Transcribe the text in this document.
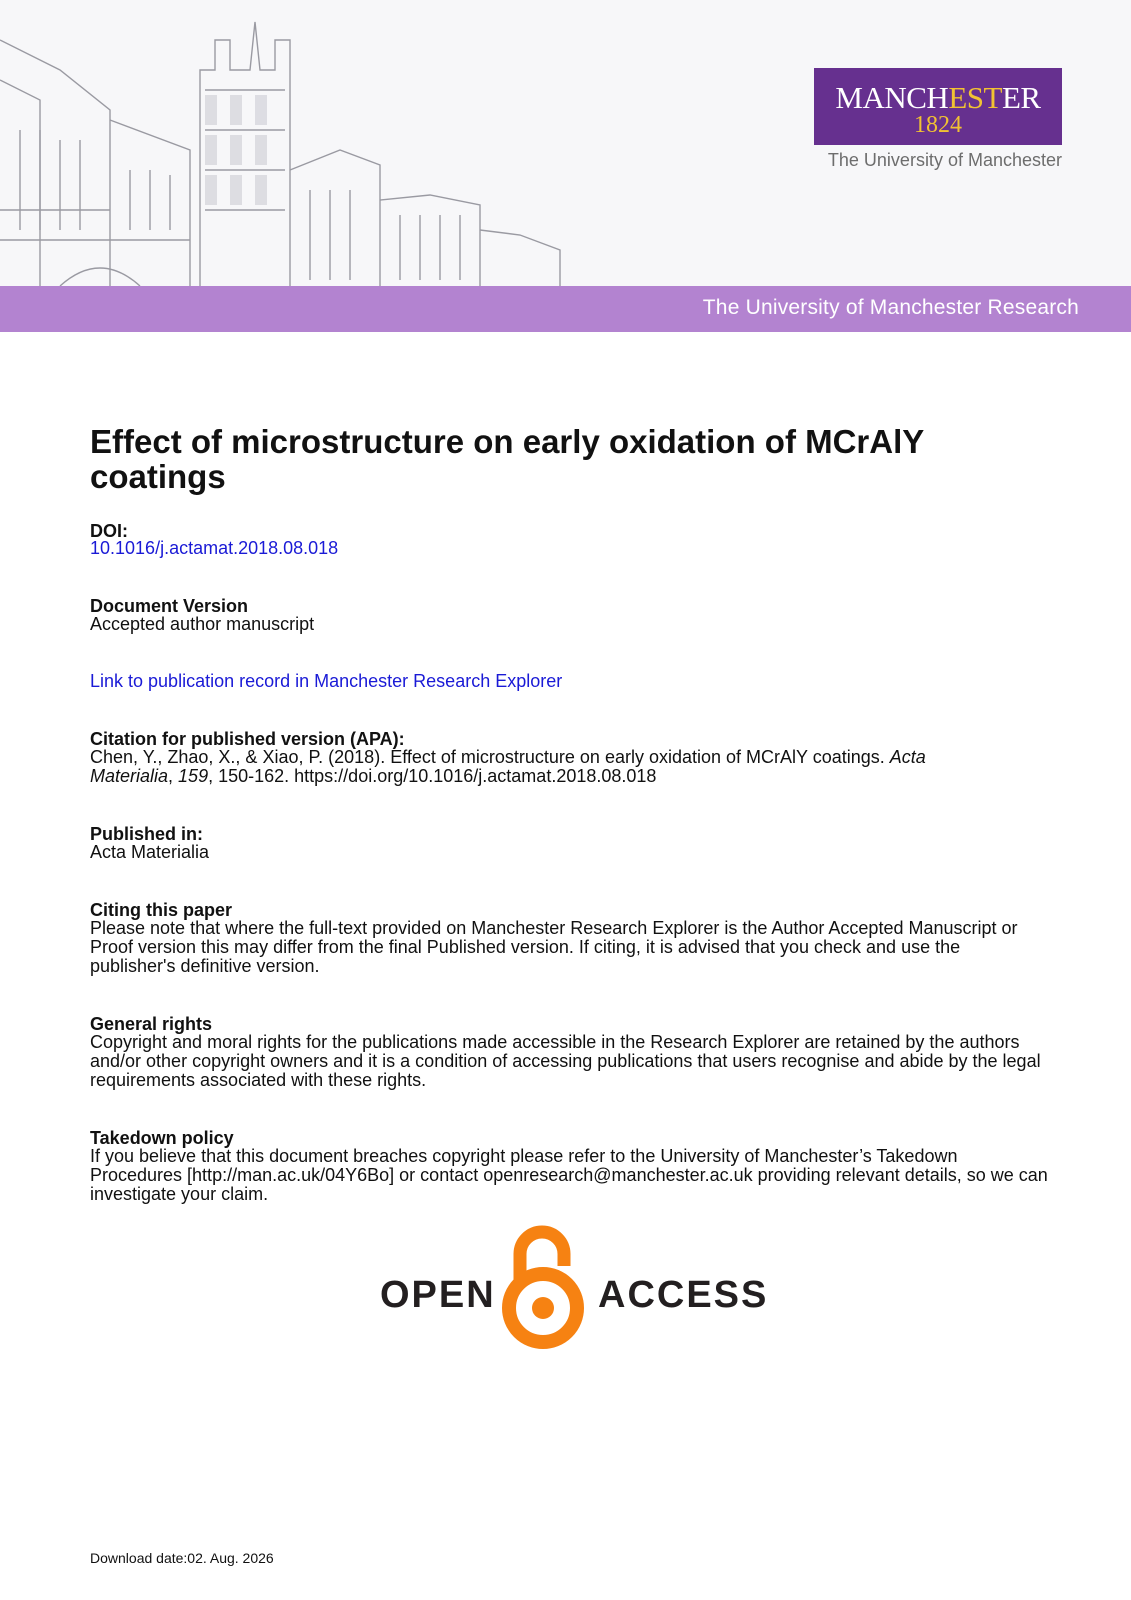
The University of Manchester Research
MANCHESTER
1824
The University of Manchester
Effect of microstructure on early oxidation of MCrAlY coatings
DOI:
10.1016/j.actamat.2018.08.018
Document Version
Accepted author manuscript
Link to publication record in Manchester Research Explorer
Citation for published version (APA):
Chen, Y., Zhao, X., & Xiao, P. (2018). Effect of microstructure on early oxidation of MCrAlY coatings. Acta Materialia, 159, 150-162. https://doi.org/10.1016/j.actamat.2018.08.018
Published in:
Acta Materialia
Citing this paper
Please note that where the full-text provided on Manchester Research Explorer is the Author Accepted Manuscript or Proof version this may differ from the final Published version. If citing, it is advised that you check and use the publisher's definitive version.
General rights
Copyright and moral rights for the publications made accessible in the Research Explorer are retained by the authors and/or other copyright owners and it is a condition of accessing publications that users recognise and abide by the legal requirements associated with these rights.
Takedown policy
If you believe that this document breaches copyright please refer to the University of Manchester’s Takedown Procedures [http://man.ac.uk/04Y6Bo] or contact openresearch@manchester.ac.uk providing relevant details, so we can investigate your claim.
OPEN	ACCESS
Download date:02. Aug. 2026
